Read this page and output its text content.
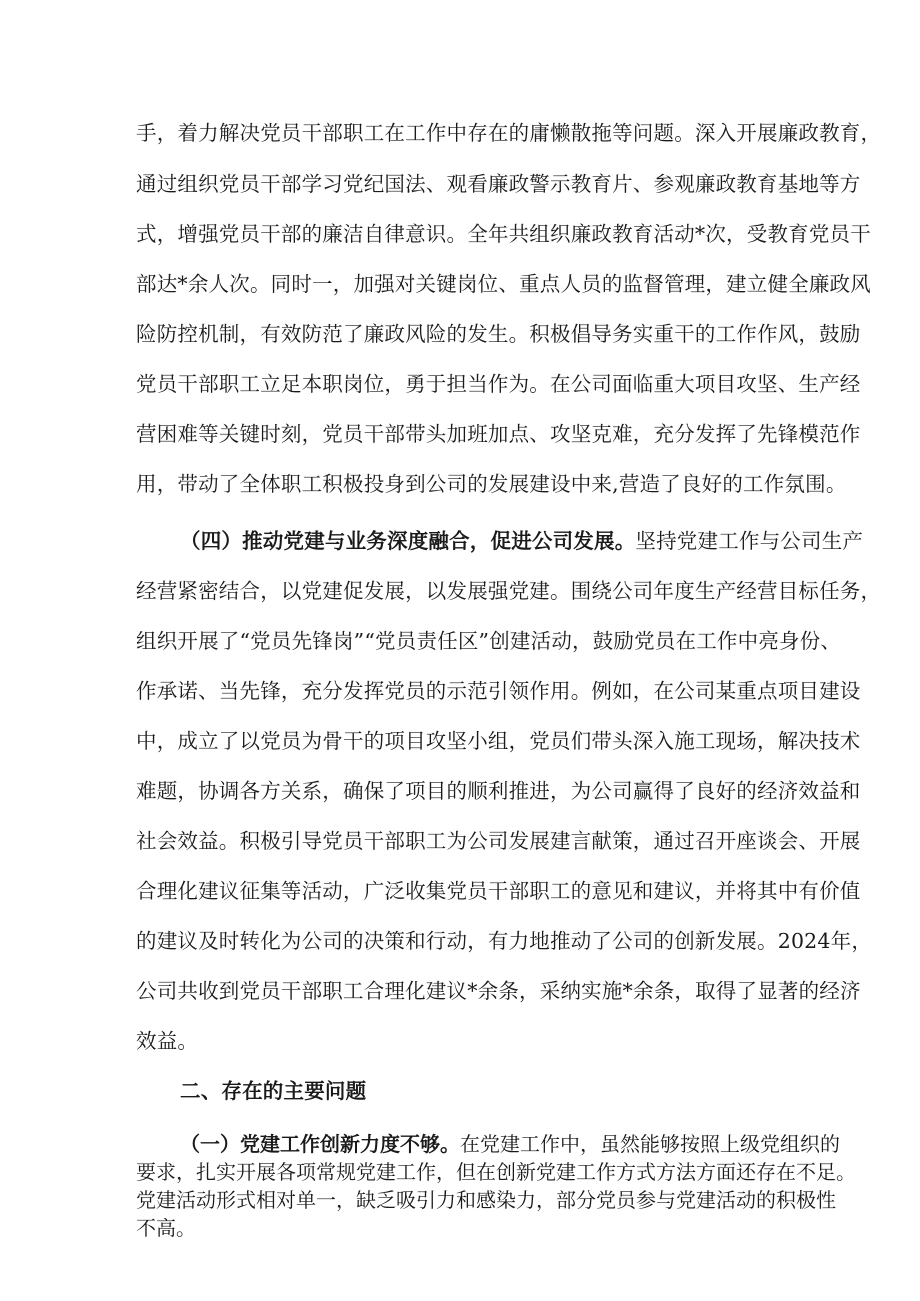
手，着力解决党员干部职工在工作中存在的庸懒散拖等问题。深入开展廉政教育，
通过组织党员干部学习党纪国法、观看廉政警示教育片、参观廉政教育基地等方
式，增强党员干部的廉洁自律意识。全年共组织廉政教育活动*次，受教育党员干
部达*余人次。同时一，加强对关键岗位、重点人员的监督管理，建立健全廉政风
险防控机制，有效防范了廉政风险的发生。积极倡导务实重干的工作作风，鼓励
党员干部职工立足本职岗位，勇于担当作为。在公司面临重大项目攻坚、生产经
营困难等关键时刻，党员干部带头加班加点、攻坚克难，充分发挥了先锋模范作
用，带动了全体职工积极投身到公司的发展建设中来,营造了良好的工作氛围。
（四）推动党建与业务深度融合，促进公司发展。坚持党建工作与公司生产
经营紧密结合，以党建促发展，以发展强党建。围绕公司年度生产经营目标任务，
组织开展了“党员先锋岗”“党员责任区”创建活动，鼓励党员在工作中亮身份、
作承诺、当先锋，充分发挥党员的示范引领作用。例如，在公司某重点项目建设
中，成立了以党员为骨干的项目攻坚小组，党员们带头深入施工现场，解决技术
难题，协调各方关系，确保了项目的顺利推进，为公司赢得了良好的经济效益和
社会效益。积极引导党员干部职工为公司发展建言献策，通过召开座谈会、开展
合理化建议征集等活动，广泛收集党员干部职工的意见和建议，并将其中有价值
的建议及时转化为公司的决策和行动，有力地推动了公司的创新发展。2024年，
公司共收到党员干部职工合理化建议*余条，采纳实施*余条，取得了显著的经济
效益。
二、存在的主要问题
（一）党建工作创新力度不够。在党建工作中，虽然能够按照上级党组织的
要求，扎实开展各项常规党建工作，但在创新党建工作方式方法方面还存在不足。
党建活动形式相对单一，缺乏吸引力和感染力，部分党员参与党建活动的积极性
不高。
